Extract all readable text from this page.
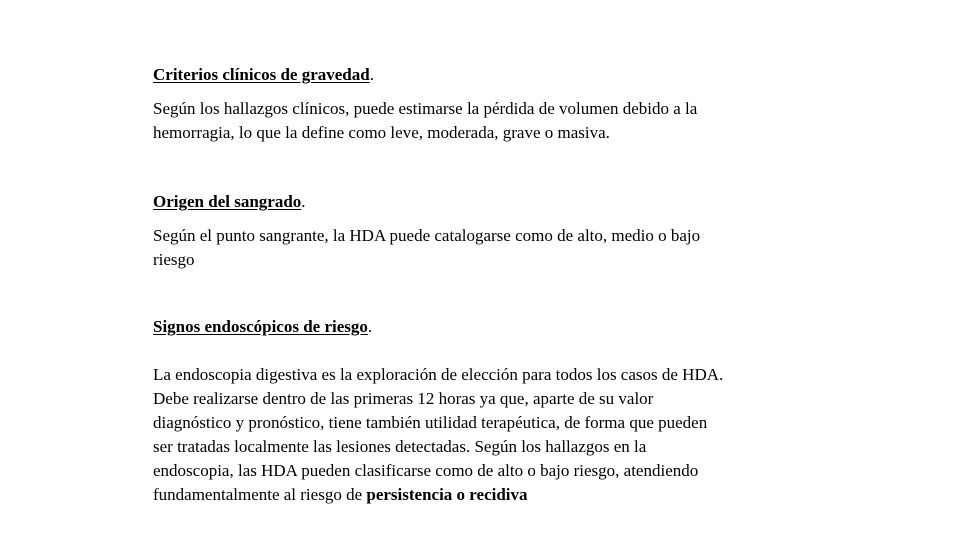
Criterios clínicos de gravedad.
Según los hallazgos clínicos, puede estimarse la pérdida de volumen debido a la
hemorragia, lo que la define como leve, moderada, grave o masiva.
Origen del sangrado.
Según el punto sangrante, la HDA puede catalogarse como de alto, medio o bajo
riesgo
Signos endoscópicos de riesgo.
La endoscopia digestiva es la exploración de elección para todos los casos de HDA.
Debe realizarse dentro de las primeras 12 horas ya que, aparte de su valor
diagnóstico y pronóstico, tiene también utilidad terapéutica, de forma que pueden
ser tratadas localmente las lesiones detectadas. Según los hallazgos en la
endoscopia, las HDA pueden clasificarse como de alto o bajo riesgo, atendiendo
fundamentalmente al riesgo de persistencia o recidiva
